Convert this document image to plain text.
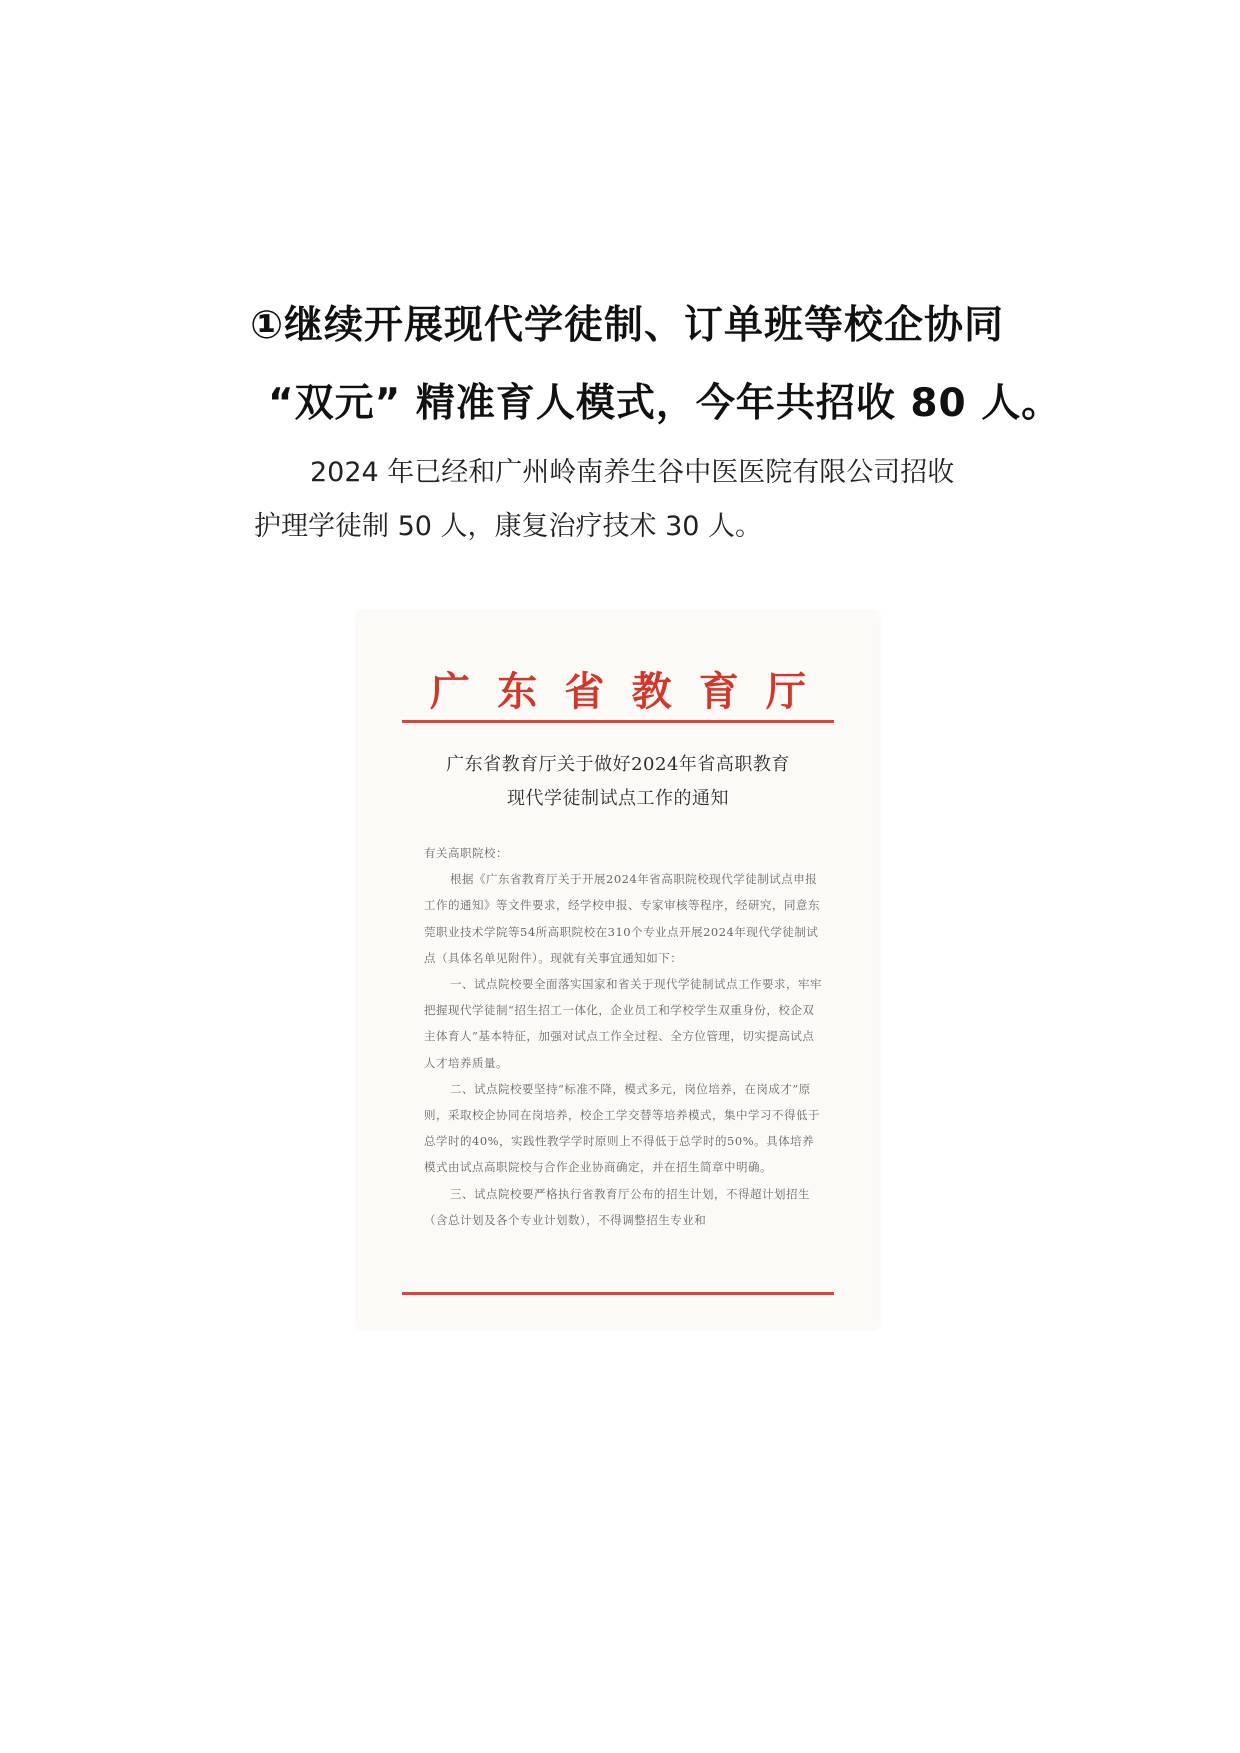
①继续开展现代学徒制、订单班等校企协同
“双元” 精准育人模式，今年共招收 80 人。

2024 年已经和广州岭南养生谷中医医院有限公司招收

护理学徒制 50 人，康复治疗技术 30 人。

广 东 省 教 育 厅
广东省教育厅关于做好2024年省高职教育
现代学徒制试点工作的通知

有关高职院校：

根据《广东省教育厅关于开展2024年省高职院校现代学徒制试点申报工作的通知》等文件要求，经学校申报、专家审核等程序，经研究，同意东莞职业技术学院等54所高职院校在310个专业点开展2024年现代学徒制试点（具体名单见附件）。现就有关事宜通知如下：

一、试点院校要全面落实国家和省关于现代学徒制试点工作要求，牢牢把握现代学徒制“招生招工一体化，企业员工和学校学生双重身份，校企双主体育人”基本特征，加强对试点工作全过程、全方位管理，切实提高试点人才培养质量。

二、试点院校要坚持“标准不降，模式多元，岗位培养，在岗成才”原则，采取校企协同在岗培养，校企工学交替等培养模式，集中学习不得低于总学时的40%，实践性教学学时原则上不得低于总学时的50%。具体培养模式由试点高职院校与合作企业协商确定，并在招生简章中明确。

三、试点院校要严格执行省教育厅公布的招生计划，不得超计划招生（含总计划及各个专业计划数），不得调整招生专业和
